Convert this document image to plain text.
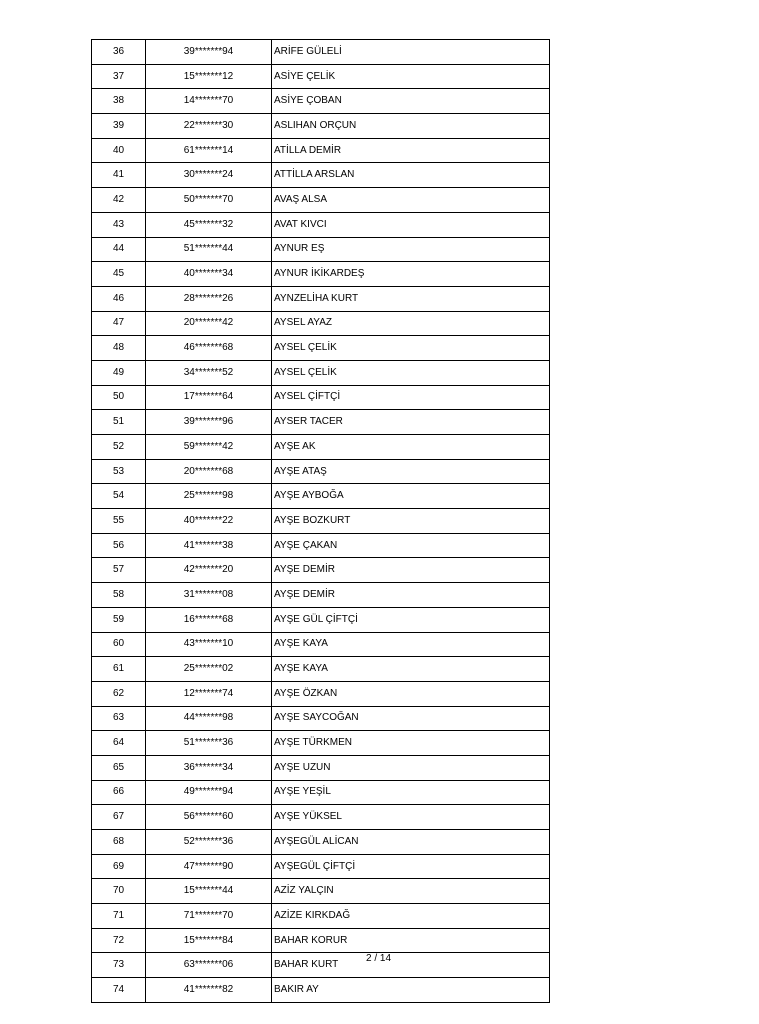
36	39*******94	ARİFE GÜLELİ
37	15*******12	ASİYE ÇELİK
38	14*******70	ASİYE ÇOBAN
39	22*******30	ASLIHAN ORÇUN
40	61*******14	ATİLLA DEMİR
41	30*******24	ATTİLLA ARSLAN
42	50*******70	AVAŞ ALSA
43	45*******32	AVAT KIVCI
44	51*******44	AYNUR EŞ
45	40*******34	AYNUR İKİKARDEŞ
46	28*******26	AYNZELİHA KURT
47	20*******42	AYSEL AYAZ
48	46*******68	AYSEL ÇELİK
49	34*******52	AYSEL ÇELİK
50	17*******64	AYSEL ÇİFTÇİ
51	39*******96	AYSER TACER
52	59*******42	AYŞE AK
53	20*******68	AYŞE ATAŞ
54	25*******98	AYŞE AYBOĞA
55	40*******22	AYŞE BOZKURT
56	41*******38	AYŞE ÇAKAN
57	42*******20	AYŞE DEMİR
58	31*******08	AYŞE DEMİR
59	16*******68	AYŞE GÜL ÇİFTÇİ
60	43*******10	AYŞE KAYA
61	25*******02	AYŞE KAYA
62	12*******74	AYŞE ÖZKAN
63	44*******98	AYŞE SAYCOĞAN
64	51*******36	AYŞE TÜRKMEN
65	36*******34	AYŞE UZUN
66	49*******94	AYŞE YEŞİL
67	56*******60	AYŞE YÜKSEL
68	52*******36	AYŞEGÜL ALİCAN
69	47*******90	AYŞEGÜL ÇİFTÇİ
70	15*******44	AZİZ YALÇIN
71	71*******70	AZİZE KIRKDAĞ
72	15*******84	BAHAR KORUR
73	63*******06	BAHAR KURT
74	41*******82	BAKIR AY
2 / 14
